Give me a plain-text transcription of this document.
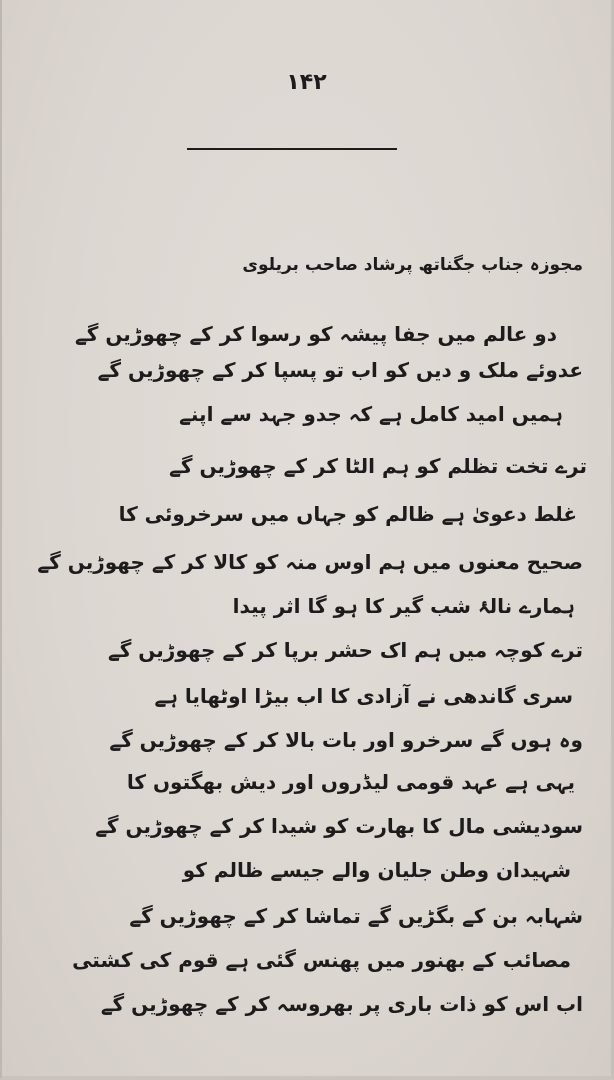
۱۴۲
مجوزہ جناب جگناتھ پرشاد صاحب بریلوی
دو عالم میں جفا پیشہ کو رسوا کر کے چھوڑیں گے
عدوئے ملک و دیں کو اب تو پسپا کر کے چھوڑیں گے
ہمیں امید کامل ہے کہ جدو جہد سے اپنے
ترے تخت تظلم کو ہم الٹا کر کے چھوڑیں گے
غلط دعویٰ ہے ظالم کو جہاں میں سرخروئی کا
صحیح معنوں میں ہم اوس منہ کو کالا کر کے چھوڑیں گے
ہمارے نالۂ شب گیر کا ہو گا اثر پیدا
ترے کوچہ میں ہم اک حشر برپا کر کے چھوڑیں گے
سری گاندھی نے آزادی کا اب بیڑا اوٹھایا ہے
وہ ہوں گے سرخرو اور بات بالا کر کے چھوڑیں گے
یہی ہے عہد قومی لیڈروں اور دیش بھگتوں کا
سودیشی مال کا بھارت کو شیدا کر کے چھوڑیں گے
شہیدان وطن جلیان والے جیسے ظالم کو
شہابہ بن کے بگڑیں گے تماشا کر کے چھوڑیں گے
مصائب کے بھنور میں پھنس گئی ہے قوم کی کشتی
اب اس کو ذات باری پر بھروسہ کر کے چھوڑیں گے
